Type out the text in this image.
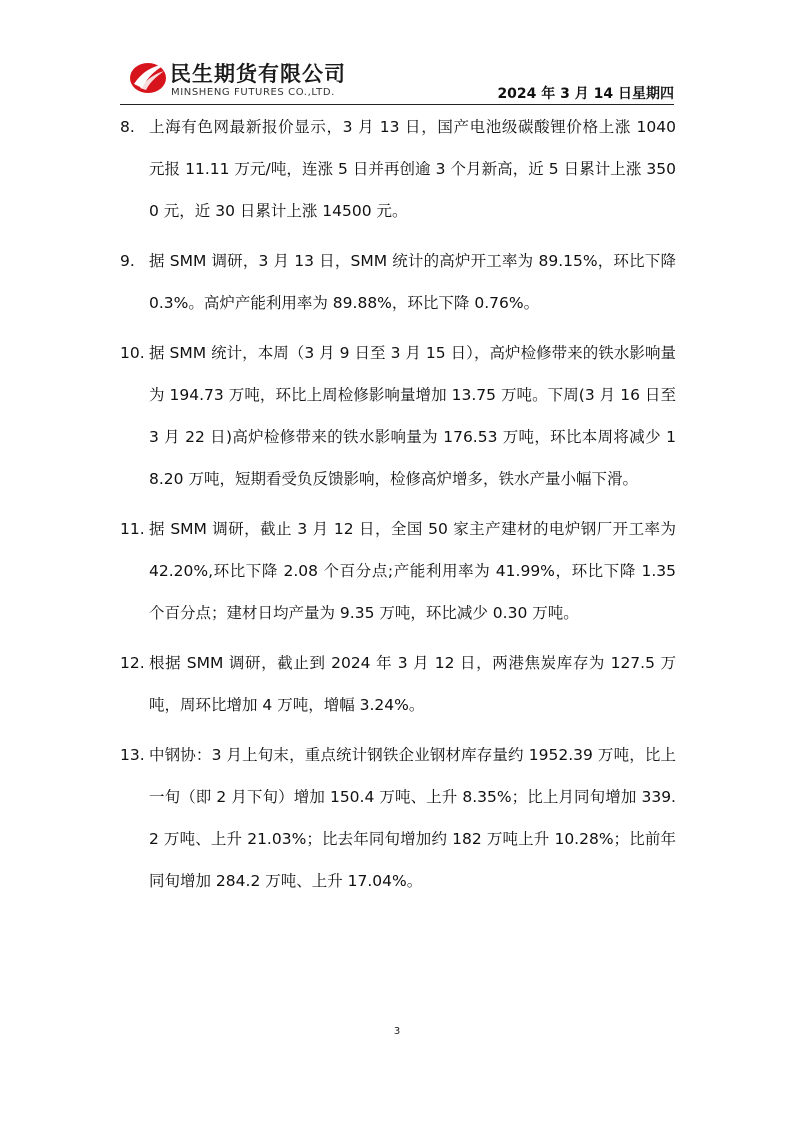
民生期货有限公司
MINSHENG FUTURES CO.,LTD.	2024 年 3 月 14 日星期四
8. 上海有色网最新报价显示，3 月 13 日，国产电池级碳酸锂价格上涨 1040 元报 11.11 万元/吨，连涨 5 日并再创逾 3 个月新高，近 5 日累计上涨 3500 元，近 30 日累计上涨 14500 元。
9. 据 SMM 调研，3 月 13 日，SMM 统计的高炉开工率为 89.15%，环比下降 0.3%。高炉产能利用率为 89.88%，环比下降 0.76%。
10. 据 SMM 统计，本周（3 月 9 日至 3 月 15 日），高炉检修带来的铁水影响量为 194.73 万吨，环比上周检修影响量增加 13.75 万吨。下周(3 月 16 日至 3 月 22 日)高炉检修带来的铁水影响量为 176.53 万吨，环比本周将减少 18.20 万吨，短期看受负反馈影响，检修高炉增多，铁水产量小幅下滑。
11. 据 SMM 调研，截止 3 月 12 日，全国 50 家主产建材的电炉钢厂开工率为 42.20%,环比下降 2.08 个百分点;产能利用率为 41.99%，环比下降 1.35 个百分点；建材日均产量为 9.35 万吨，环比减少 0.30 万吨。
12. 根据 SMM 调研，截止到 2024 年 3 月 12 日，两港焦炭库存为 127.5 万吨，周环比增加 4 万吨，增幅 3.24%。
13. 中钢协：3 月上旬末，重点统计钢铁企业钢材库存量约 1952.39 万吨，比上一旬（即 2 月下旬）增加 150.4 万吨、上升 8.35%；比上月同旬增加 339.2 万吨、上升 21.03%；比去年同旬增加约 182 万吨上升 10.28%；比前年同旬增加 284.2 万吨、上升 17.04%。
3
